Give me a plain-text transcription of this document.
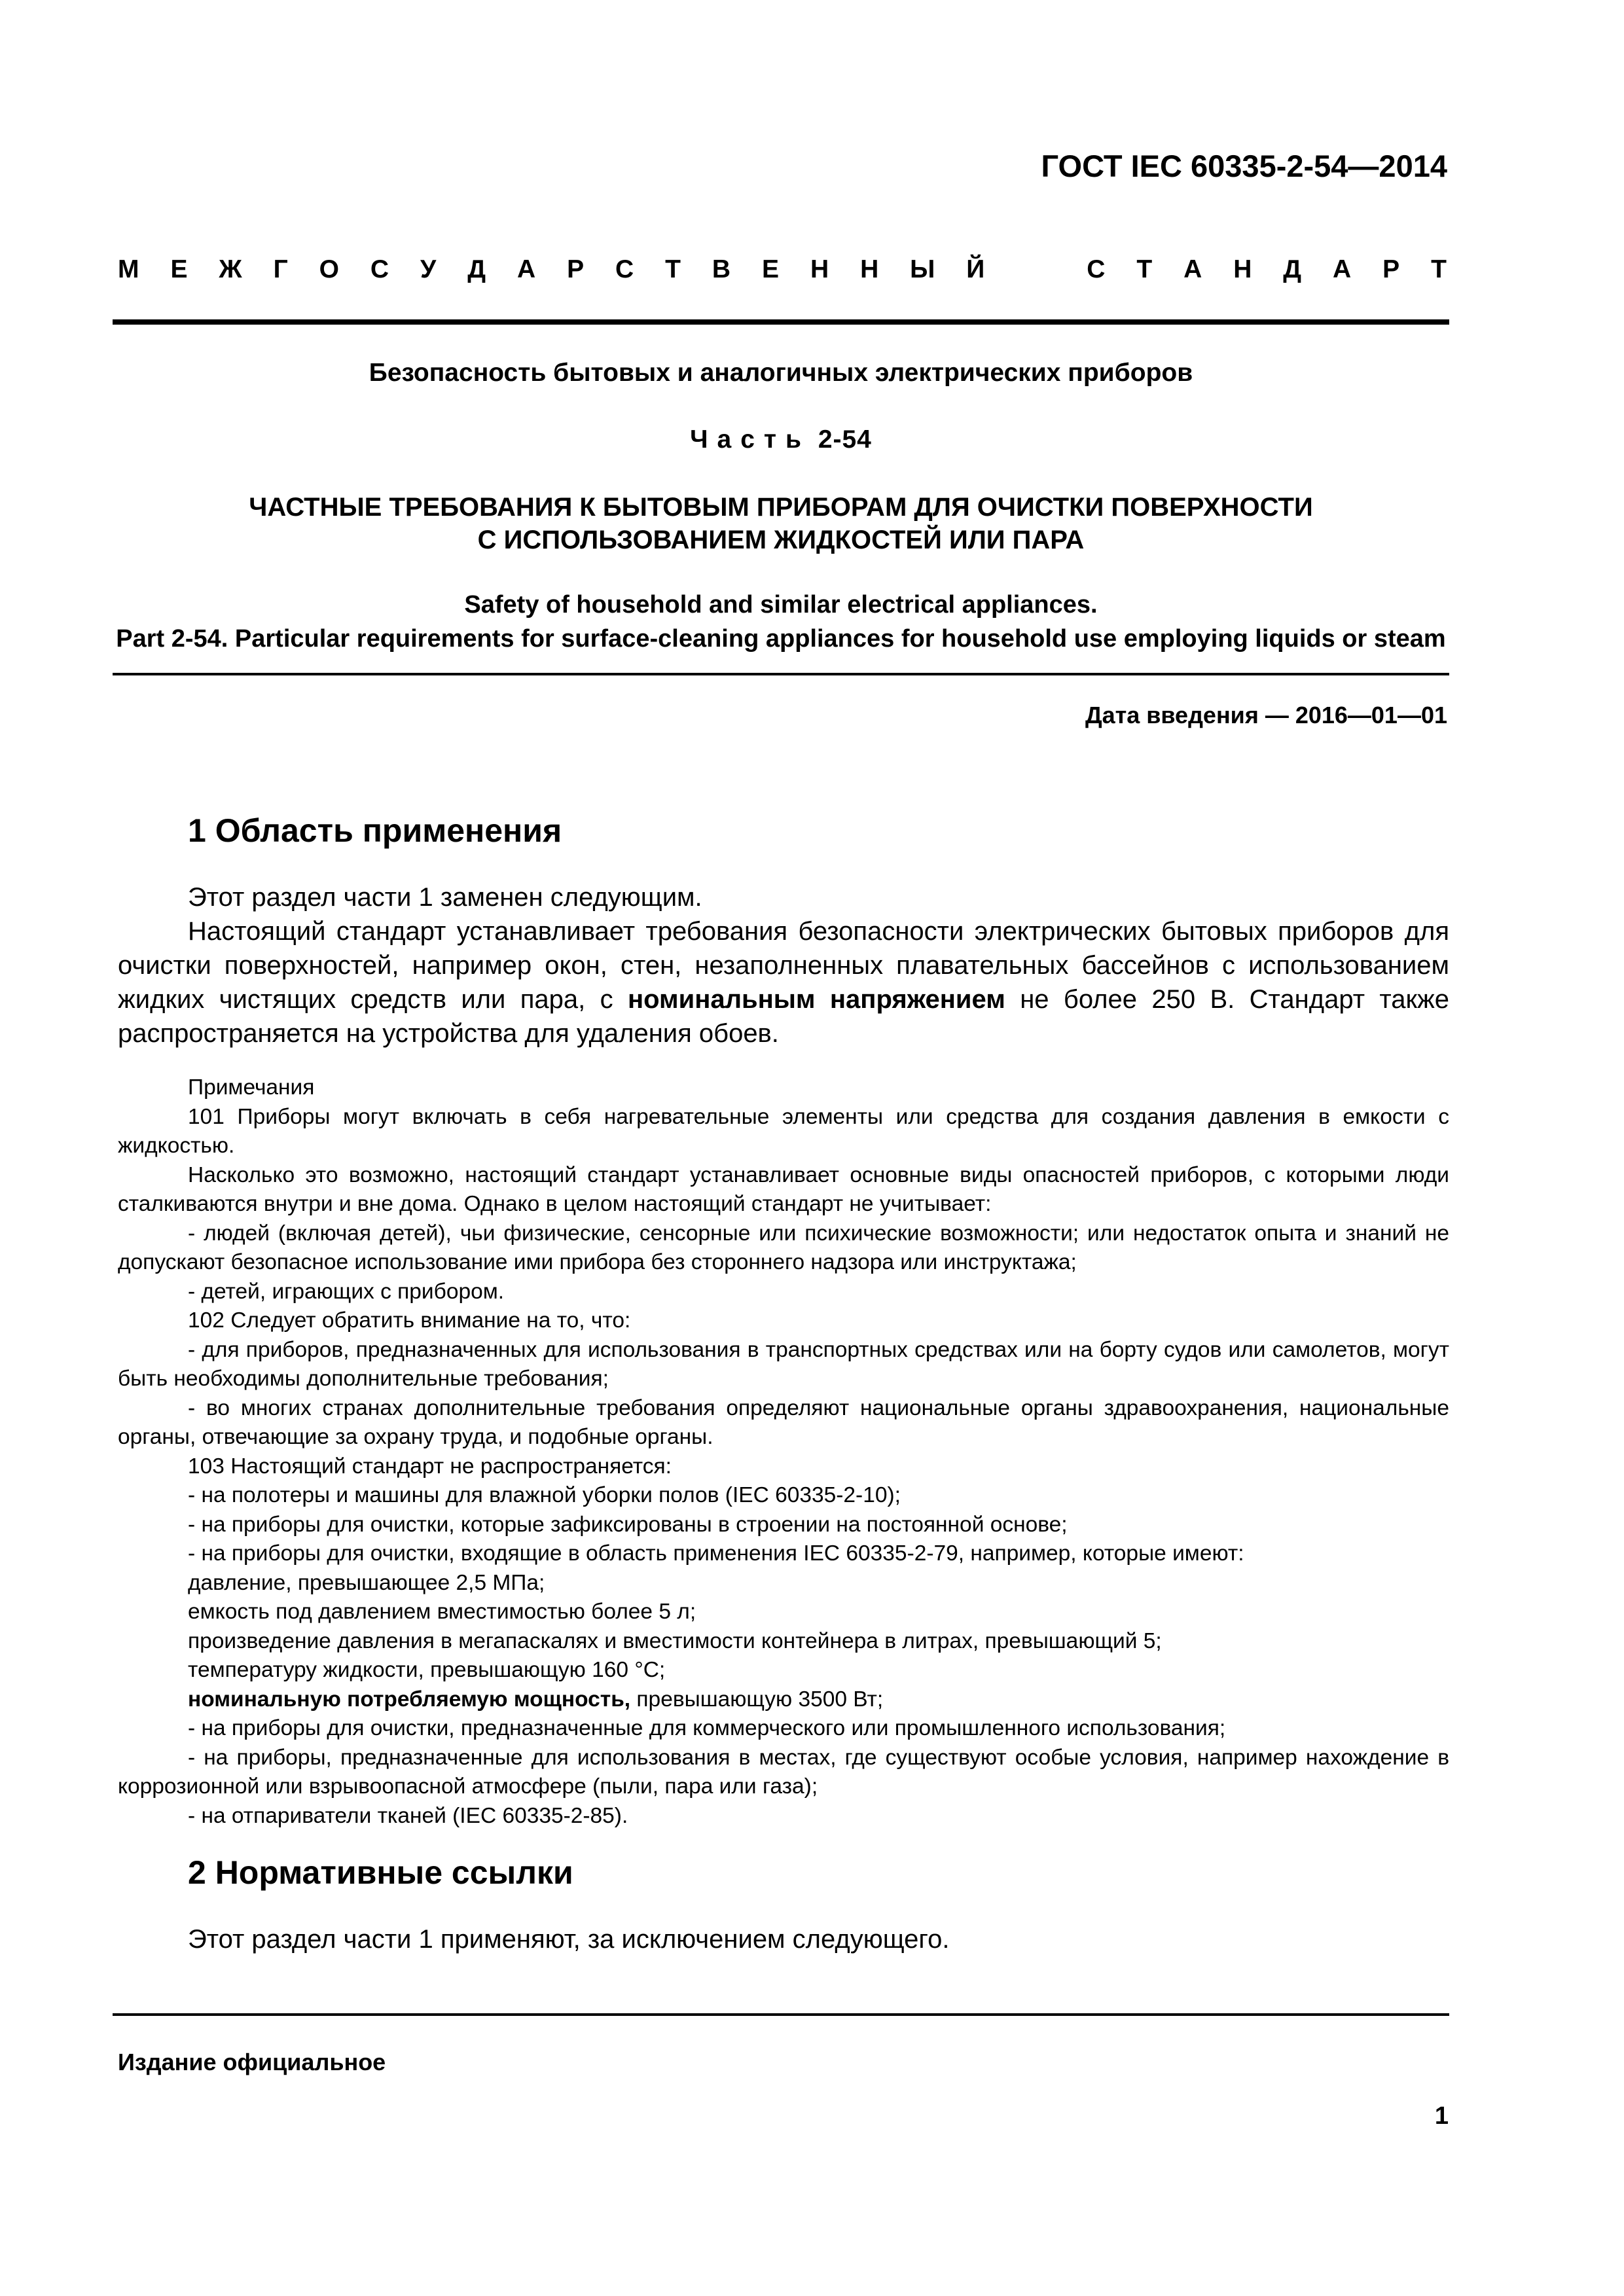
ГОСТ IEC 60335-2-54—2014
М Е Ж Г О С У Д А Р С Т В Е Н Н Ы Й	С Т А Н Д А Р Т
Безопасность бытовых и аналогичных электрических приборов
Часть 2-54
ЧАСТНЫЕ ТРЕБОВАНИЯ К БЫТОВЫМ ПРИБОРАМ ДЛЯ ОЧИСТКИ ПОВЕРХНОСТИ
С ИСПОЛЬЗОВАНИЕМ ЖИДКОСТЕЙ ИЛИ ПАРА
Safety of household and similar electrical appliances.
Part 2-54. Particular requirements for surface-cleaning appliances for household use employing liquids or steam
Дата введения — 2016—01—01
1 Область применения

Этот раздел части 1 заменен следующим.

Настоящий стандарт устанавливает требования безопасности электрических бытовых приборов для очистки поверхностей, например окон, стен, незаполненных плавательных бассейнов с использованием жидких чистящих средств или пара, с номинальным напряжением не более 250 В. Стандарт также распространяется на устройства для удаления обоев.

Примечания

101 Приборы могут включать в себя нагревательные элементы или средства для создания давления в емкости с жидкостью.

Насколько это возможно, настоящий стандарт устанавливает основные виды опасностей приборов, с которыми люди сталкиваются внутри и вне дома. Однако в целом настоящий стандарт не учитывает:

- людей (включая детей), чьи физические, сенсорные или психические возможности; или недостаток опыта и знаний не допускают безопасное использование ими прибора без стороннего надзора или инструктажа;

- детей, играющих с прибором.

102 Следует обратить внимание на то, что:

- для приборов, предназначенных для использования в транспортных средствах или на борту судов или самолетов, могут быть необходимы дополнительные требования;

- во многих странах дополнительные требования определяют национальные органы здравоохранения, национальные органы, отвечающие за охрану труда, и подобные органы.

103 Настоящий стандарт не распространяется:

- на полотеры и машины для влажной уборки полов (IEC 60335-2-10);

- на приборы для очистки, которые зафиксированы в строении на постоянной основе;

- на приборы для очистки, входящие в область применения IEC 60335-2-79, например, которые имеют:

давление, превышающее 2,5 МПа;

емкость под давлением вместимостью более 5 л;

произведение давления в мегапаскалях и вместимости контейнера в литрах, превышающий 5;

температуру жидкости, превышающую 160 °С;

номинальную потребляемую мощность, превышающую 3500 Вт;

- на приборы для очистки, предназначенные для коммерческого или промышленного использования;

- на приборы, предназначенные для использования в местах, где существуют особые условия, например нахождение в коррозионной или взрывоопасной атмосфере (пыли, пара или газа);

- на отпариватели тканей (IEC 60335-2-85).

2 Нормативные ссылки

Этот раздел части 1 применяют, за исключением следующего.

Издание официальное
1
